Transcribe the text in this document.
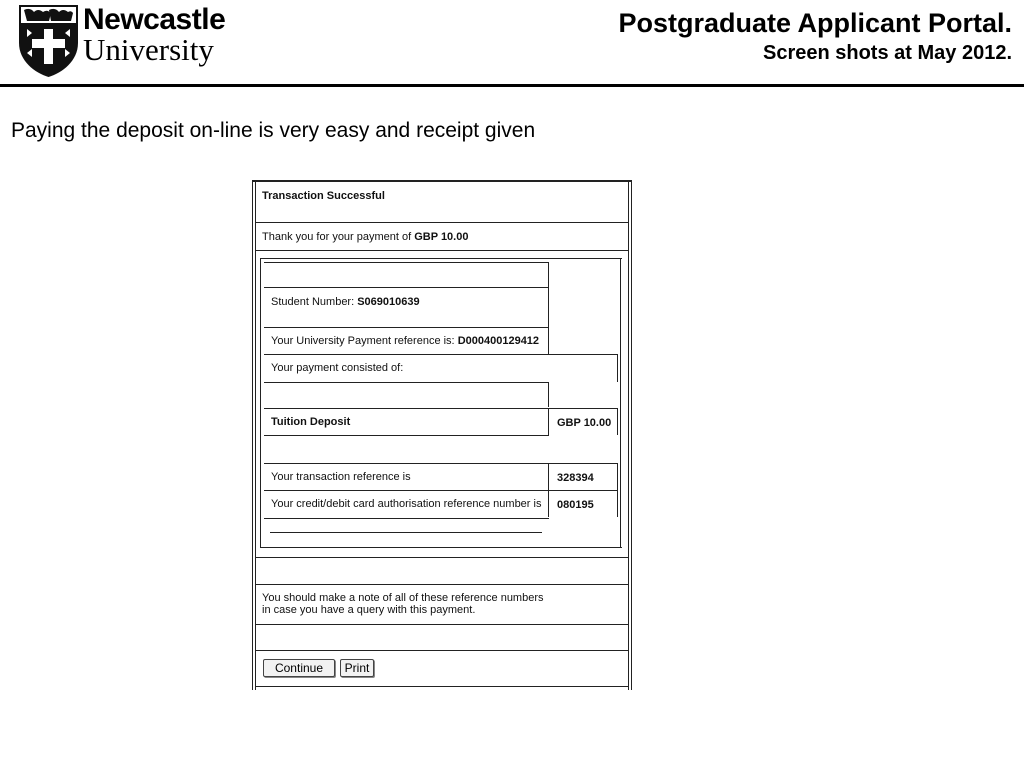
Newcastle
University
Postgraduate Applicant Portal.
Screen shots at May 2012.
Paying the deposit on-line is very easy and receipt given
Transaction Successful
Thank you for your payment of GBP 10.00
Student Number: S069010639
Your University Payment reference is: D000400129412
Your payment consisted of:
Tuition Deposit	GBP 10.00
Your transaction reference is	328394
Your credit/debit card authorisation reference number is 080195
You should make a note of all of these reference numbers
in case you have a query with this payment.
Continue	Print
